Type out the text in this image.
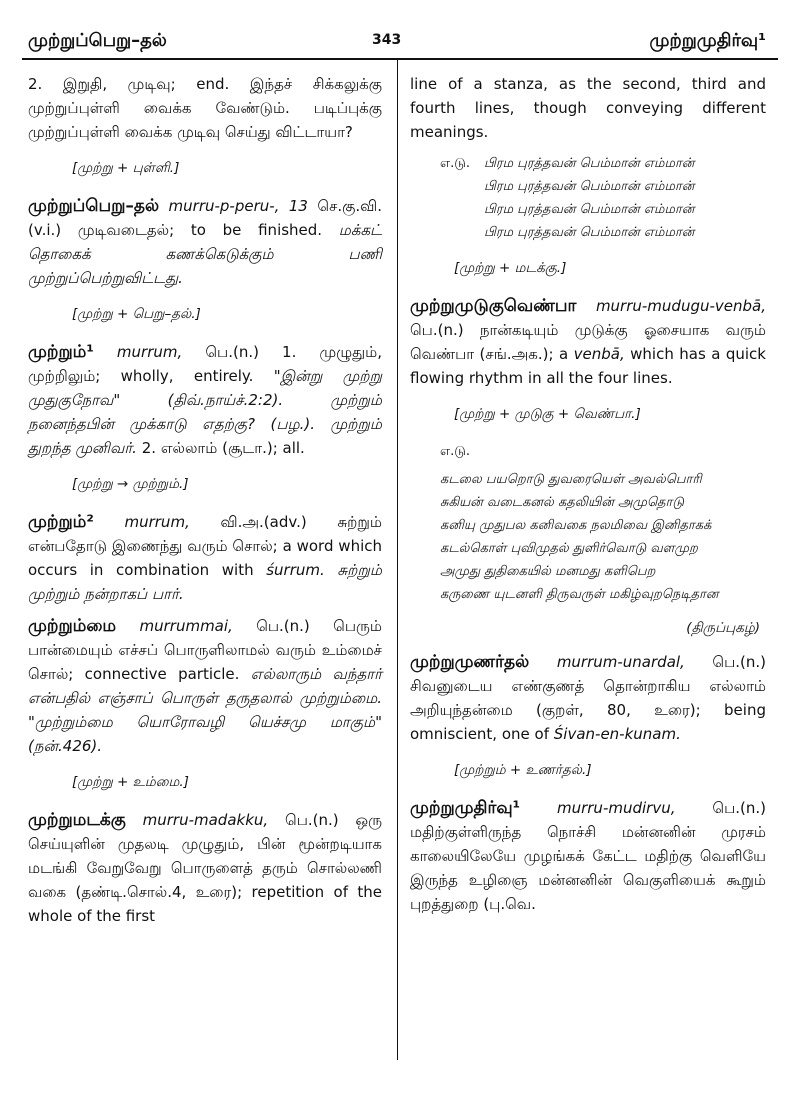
முற்றுப்பெறு–தல்	343	முற்றுமுதிர்வு¹

2. இறுதி, முடிவு; end. இந்தச் சிக்கலுக்கு முற்றுப்புள்ளி வைக்க வேண்டும். படிப்புக்கு முற்றுப்புள்ளி வைக்க முடிவு செய்து விட்டாயா?

[முற்று + புள்ளி.]

முற்றுப்பெறு–தல் murru-p-peru-, 13 செ.கு.வி.(v.i.) முடிவடைதல்; to be finished. மக்கட் தொகைக் கணக்கெடுக்கும் பணி முற்றுப்பெற்றுவிட்டது.

[முற்று + பெறு–தல்.]

முற்றும்¹ murrum, பெ.(n.) 1. முழுதும், முற்றிலும்; wholly, entirely. "இன்று முற்று முதுகுநோவ" (திவ்.நாய்ச்.2:2). முற்றும் நனைந்தபின் முக்காடு எதற்கு? (பழ.). முற்றும் துறந்த முனிவர். 2. எல்லாம் (சூடா.); all.

[முற்று → முற்றும்.]

முற்றும்² murrum, வி.அ.(adv.) சுற்றும் என்பதோடு இணைந்து வரும் சொல்; a word which occurs in combination with śurrum. சுற்றும் முற்றும் நன்றாகப் பார்.

முற்றும்மை murrummai, பெ.(n.) பெரும் பான்மையும் எச்சப் பொருளிலாமல் வரும் உம்மைச் சொல்; connective particle. எல்லாரும் வந்தார் என்பதில் எஞ்சாப் பொருள் தருதலால் முற்றும்மை. "முற்றும்மை யொரோவழி யெச்சமு மாகும்" (நன்.426).

[முற்று + உம்மை.]

முற்றுமடக்கு murru-madakku, பெ.(n.) ஒரு செய்யுளின் முதலடி முழுதும், பின் மூன்றடியாக மடங்கி வேறுவேறு பொருளைத் தரும் சொல்லணி வகை (தண்டி.சொல்.4, உரை); repetition of the whole of the first

line of a stanza, as the second, third and fourth lines, though conveying different meanings.

எ.டு. பிரம புரத்தவன் பெம்மான் எம்மான்
பிரம புரத்தவன் பெம்மான் எம்மான்
பிரம புரத்தவன் பெம்மான் எம்மான்
பிரம புரத்தவன் பெம்மான் எம்மான்

[முற்று + மடக்கு.]

முற்றுமுடுகுவெண்பா murru-mudugu-venbā, பெ.(n.) நான்கடியும் முடுக்கு ஓசையாக வரும் வெண்பா (சங்.அக.); a venbā, which has a quick flowing rhythm in all the four lines.

[முற்று + முடுகு + வெண்பா.]

எ.டு.
கடலை பயறொடு துவரையெள் அவல்பொரி
சுகியன் வடைகனல் கதலியின் அமுதொடு
கனியு முதுபல கனிவகை நலமிவை இனிதாகக்
கடல்கொள் புவிமுதல் துளிர்வொடு வளமுற
அமுது துதிகையில் மனமது களிபெற
கருணை யுடனளி திருவருள் மகிழ்வுறநெடிதான
(திருப்புகழ்)

முற்றுமுணர்தல் murrum-unardal, பெ.(n.) சிவனுடைய எண்குணத் தொன்றாகிய எல்லாம் அறியுந்தன்மை (குறள், 80, உரை); being omniscient, one of Śivan-en-kunam.

[முற்றும் + உணர்தல்.]

முற்றுமுதிர்வு¹ murru-mudirvu, பெ.(n.) மதிற்குள்ளிருந்த நொச்சி மன்னனின் முரசம் காலையிலேயே முழங்கக் கேட்ட மதிற்கு வெளியே இருந்த உழிஞை மன்னனின் வெகுளியைக் கூறும் புறத்துறை (பு.வெ.
